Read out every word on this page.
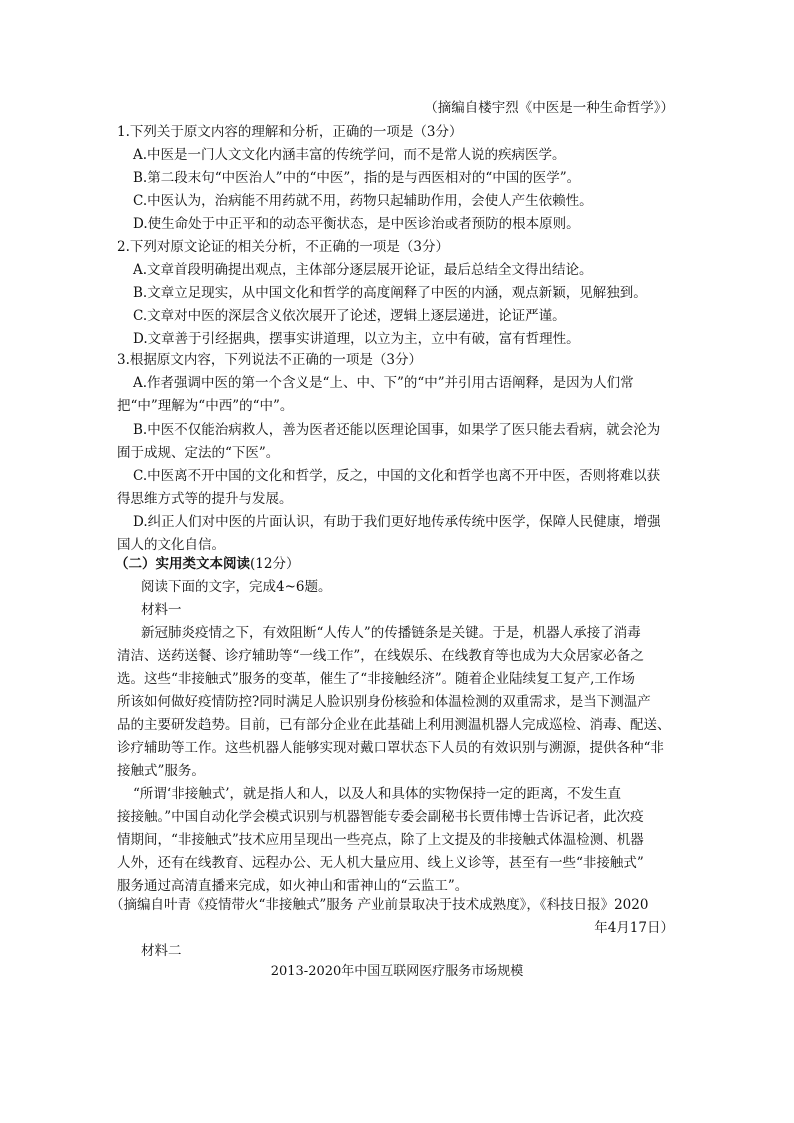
（摘编自楼宇烈《中医是一种生命哲学》）
1.下列关于原文内容的理解和分析，正确的一项是（3分）
A.中医是一门人文文化内涵丰富的传统学问，而不是常人说的疾病医学。
B.第二段末句“中医治人”中的“中医”，指的是与西医相对的“中国的医学”。
C.中医认为，治病能不用药就不用，药物只起辅助作用，会使人产生依赖性。
D.使生命处于中正平和的动态平衡状态，是中医诊治或者预防的根本原则。
2.下列对原文论证的相关分析，不正确的一项是（3分）
A.文章首段明确提出观点，主体部分逐层展开论证，最后总结全文得出结论。
B.文章立足现实，从中国文化和哲学的高度阐释了中医的内涵，观点新颖，见解独到。
C.文章对中医的深层含义依次展开了论述，逻辑上逐层递进，论证严谨。
D.文章善于引经据典，摆事实讲道理，以立为主，立中有破，富有哲理性。
3.根据原文内容，下列说法不正确的一项是（3分）
A.作者强调中医的第一个含义是“上、中、下”的“中”并引用古语阐释，是因为人们常
把“中”理解为“中西”的“中”。
B.中医不仅能治病救人，善为医者还能以医理论国事，如果学了医只能去看病，就会沦为
囿于成规、定法的“下医”。
C.中医离不开中国的文化和哲学，反之，中国的文化和哲学也离不开中医，否则将难以获
得思维方式等的提升与发展。
D.纠正人们对中医的片面认识，有助于我们更好地传承传统中医学，保障人民健康，增强
国人的文化自信。
（二）实用类文本阅读(12分）
阅读下面的文字，完成4~6题。
材料一
新冠肺炎疫情之下，有效阻断“人传人”的传播链条是关键。于是，机器人承接了消毒
清洁、送药送餐、诊疗辅助等“一线工作”，在线娱乐、在线教育等也成为大众居家必备之
选。这些“非接触式”服务的变革，催生了“非接触经济”。随着企业陆续复工复产,工作场
所该如何做好疫情防控?同时满足人脸识别身份核验和体温检测的双重需求，是当下测温产
品的主要研发趋势。目前，已有部分企业在此基础上利用测温机器人完成巡检、消毒、配送、
诊疗辅助等工作。这些机器人能够实现对戴口罩状态下人员的有效识别与溯源，提供各种“非
接触式”服务。
“所谓‘非接触式’，就是指人和人，以及人和具体的实物保持一定的距离，不发生直
接接触。”中国自动化学会模式识别与机器智能专委会副秘书长贾伟博士告诉记者，此次疫
情期间，“非接触式”技术应用呈现出一些亮点，除了上文提及的非接触式体温检测、机器
人外，还有在线教育、远程办公、无人机大量应用、线上义诊等，甚至有一些“非接触式”
服务通过高清直播来完成，如火神山和雷神山的“云监工”。
（摘编自叶青《疫情带火“非接触式”服务 产业前景取决于技术成熟度》，《科技日报》2020
年4月17日）
材料二
2013-2020年中国互联网医疗服务市场规模
